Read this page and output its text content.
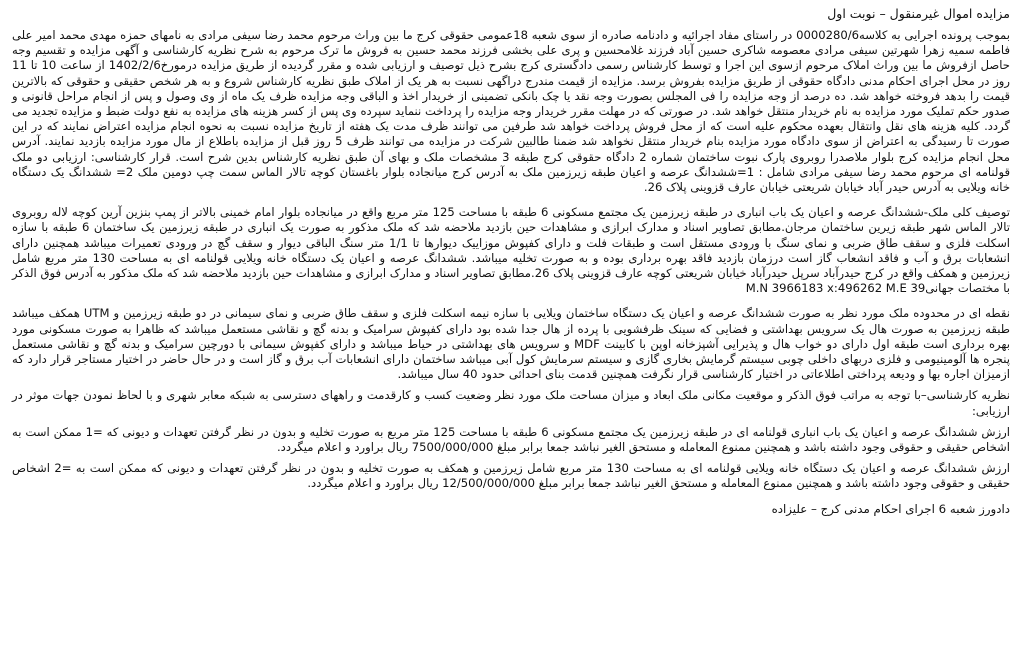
مزایده اموال غیرمنقول – نوبت اول
بموجب پرونده اجرایی به کلاسه0000280/6 در راستای مفاد اجرائیه و دادنامه صادره از سوی شعبه 18عمومی حقوقی کرج ما بین وراث مرحوم محمد رضا سیفی مرادی به نامهای حمزه مهدی محمد امیر علی فاطمه سمیه زهرا شهرتین سیفی مرادی معصومه شاکری حسین آباد فرزند غلامحسین و پری علی بخشی فرزند محمد حسین به فروش ما ترک مرحوم به شرح نظریه کارشناسی و آگهی مزایده و تقسیم وجه حاصل ازفروش ما بین وراث املاک مرحوم ازسوی این اجرا و توسط کارشناس رسمی دادگستری کرج بشرح ذیل توصیف و ارزیابی شده و مقرر گردیده از طریق مزایده درمورخ1402/2/6 از ساعت 10 تا 11 روز در محل اجرای احکام مدنی دادگاه حقوقی از طریق مزایده بفروش برسد. مزایده از قیمت مندرج دراگهی نسبت به هر یک از املاک طبق نظریه کارشناس شروع و به هر شخص حقیقی و حقوقی که بالاترین قیمت را بدهد فروخته خواهد شد. ده درصد از وجه مزایده را فی المجلس بصورت وجه نقد یا چک بانکی تضمینی از خریدار اخذ و الباقی وجه مزایده ظرف یک ماه از وی وصول و پس از انجام مراحل قانونی و صدور حکم تملیک مورد مزایده به نام خریدار منتقل خواهد شد. در صورتی که در مهلت مقرر خریدار وجه مزایده را پرداخت ننماید سپرده وی پس از کسر هزینه های مزایده به نفع دولت ضبط و مزایده تجدید می گردد. کلیه هزینه های نقل وانتقال بعهده محکوم علیه است که از محل فروش پرداخت خواهد شد طرفین می توانند ظرف مدت یک هفته از تاریخ مزایده نسبت به نحوه انجام مزایده اعتراض نمایند که در این صورت تا رسیدگی به اعتراض از سوی دادگاه مورد مزایده بنام خریدار منتقل نخواهد شد ضمنا طالبین شرکت در مزایده می توانند ظرف 5 روز قبل از مزایده باطلاع از مال مورد مزایده بازدید نمایند. آدرس محل انجام مزایده کرج بلوار ملاصدرا روبروی پارک نبوت ساختمان شماره 2 دادگاه حقوقی کرج طبقه 3 مشخصات ملک و بهای آن طبق نظریه کارشناس بدین شرح است. قرار کارشناسی: ارزیابی دو ملک قولنامه ای مرحوم محمد رضا سیفی مرادی شامل : 1=ششدانگ عرصه و اعیان طبقه زیرزمین ملک به آدرس کرج میانجاده بلوار باغستان کوچه تالار الماس سمت چپ دومین ملک 2= ششدانگ یک دستگاه خانه ویلایی به آدرس حیدر آباد خیابان شریعتی خیابان عارف قزوینی پلاک 26.
توصیف کلی ملک-ششدانگ عرصه و اعیان یک باب انباری در طبقه زیرزمین یک مجتمع مسکونی 6 طبقه با مساحت 125 متر مربع واقع در میانجاده بلوار امام خمینی بالاتر از پمپ بنزین آرین کوچه لاله روبروی تالار الماس شهر طبقه زیرین ساختمان مرجان.مطابق تصاویر اسناد و مدارک ابرازی و مشاهدات حین بازدید ملاحضه شد که ملک مذکور به صورت یک انباری در طبقه زیرزمین یک ساختمان 6 طبقه با سازه اسکلت فلزی و سقف طاق ضربی و نمای سنگ با ورودی مستقل است و طبقات فلت و دارای کفپوش موزاییک دیوارها تا 1/1 متر سنگ الباقی دیوار و سقف گچ در ورودی تعمیرات میباشد همچنین دارای انشعابات برق و آب و فاقد انشعاب گاز است درزمان بازدید فاقد بهره برداری بوده و به صورت تخلیه میباشد. ششدانگ عرصه و اعیان یک دستگاه خانه ویلایی قولنامه ای به مساحت 130 متر مربع شامل زیرزمین و همکف واقع در کرج حیدرآباد سرپل حیدرآباد خیابان شریعتی کوچه عارف قزوینی پلاک 26.مطابق تصاویر اسناد و مدارک ابرازی و مشاهدات حین بازدید ملاحضه شد که ملک مذکور به آدرس فوق الذکر با مختصات جهانی39 M.N 3966183 x:496262 M.E
نقطه ای در محدوده ملک مورد نظر به صورت ششدانگ عرصه و اعیان یک دستگاه ساختمان ویلایی با سازه نیمه اسکلت فلزی و سقف طاق ضربی و نمای سیمانی در دو طبقه زیرزمین و UTM همکف میباشد طبقه زیرزمین به صورت هال یک سرویس بهداشتی و فضایی که سینک ظرفشویی با پرده از هال جدا شده بود دارای کفپوش سرامیک و بدنه گچ و نقاشی مستعمل میباشد که ظاهرا به صورت مسکونی مورد بهره برداری است طبقه اول دارای دو خواب هال و پذیرایی آشپزخانه اوپن با کابینت MDF و سرویس های بهداشتی در حیاط میباشد و دارای کفپوش سیمانی با دورچین سرامیک و بدنه گچ و نقاشی مستعمل پنجره ها آلومینیومی و فلزی دربهای داخلی چوبی سیستم گرمایش بخاری گازی و سیستم سرمایش کول آبی میباشد ساختمان دارای انشعابات آب برق و گاز است و در حال حاضر در اختیار مستاجر قرار دارد که ازمیزان اجاره بها و ودیعه پرداختی اطلاعاتی در اختیار کارشناسی قرار نگرفت همچنین قدمت بنای احداثی حدود 40 سال میباشد.
نظریه کارشناسی–با توجه به مراتب فوق الذکر و موقعیت مکانی ملک ابعاد و میزان مساحت ملک مورد نظر وضعیت کسب و کارقدمت و راههای دسترسی به شبکه معابر شهری و با لحاظ نمودن جهات موثر در ارزیابی:
ارزش ششدانگ عرصه و اعیان یک باب انباری قولنامه ای در طبقه زیرزمین یک مجتمع مسکونی 6 طبقه با مساحت 125 متر مربع به صورت تخلیه و بدون در نظر گرفتن تعهدات و دیونی که =1 ممکن است به اشخاص حقیقی و حقوقی وجود داشته باشد و همچنین ممنوع المعامله و مستحق الغیر نباشد جمعا برابر مبلغ 7500/000/000 ریال براورد و اعلام میگردد.
ارزش ششدانگ عرصه و اعیان یک دستگاه خانه ویلایی قولنامه ای به مساحت 130 متر مربع شامل زیرزمین و همکف به صورت تخلیه و بدون در نظر گرفتن تعهدات و دیونی که ممکن است به =2 اشخاص حقیقی و حقوقی وجود داشته باشد و همچنین ممنوع المعامله و مستحق الغیر نباشد جمعا برابر مبلغ 12/500/000/000 ریال براورد و اعلام میگردد.
دادورز شعبه 6 اجرای احکام مدنی کرج – علیزاده
